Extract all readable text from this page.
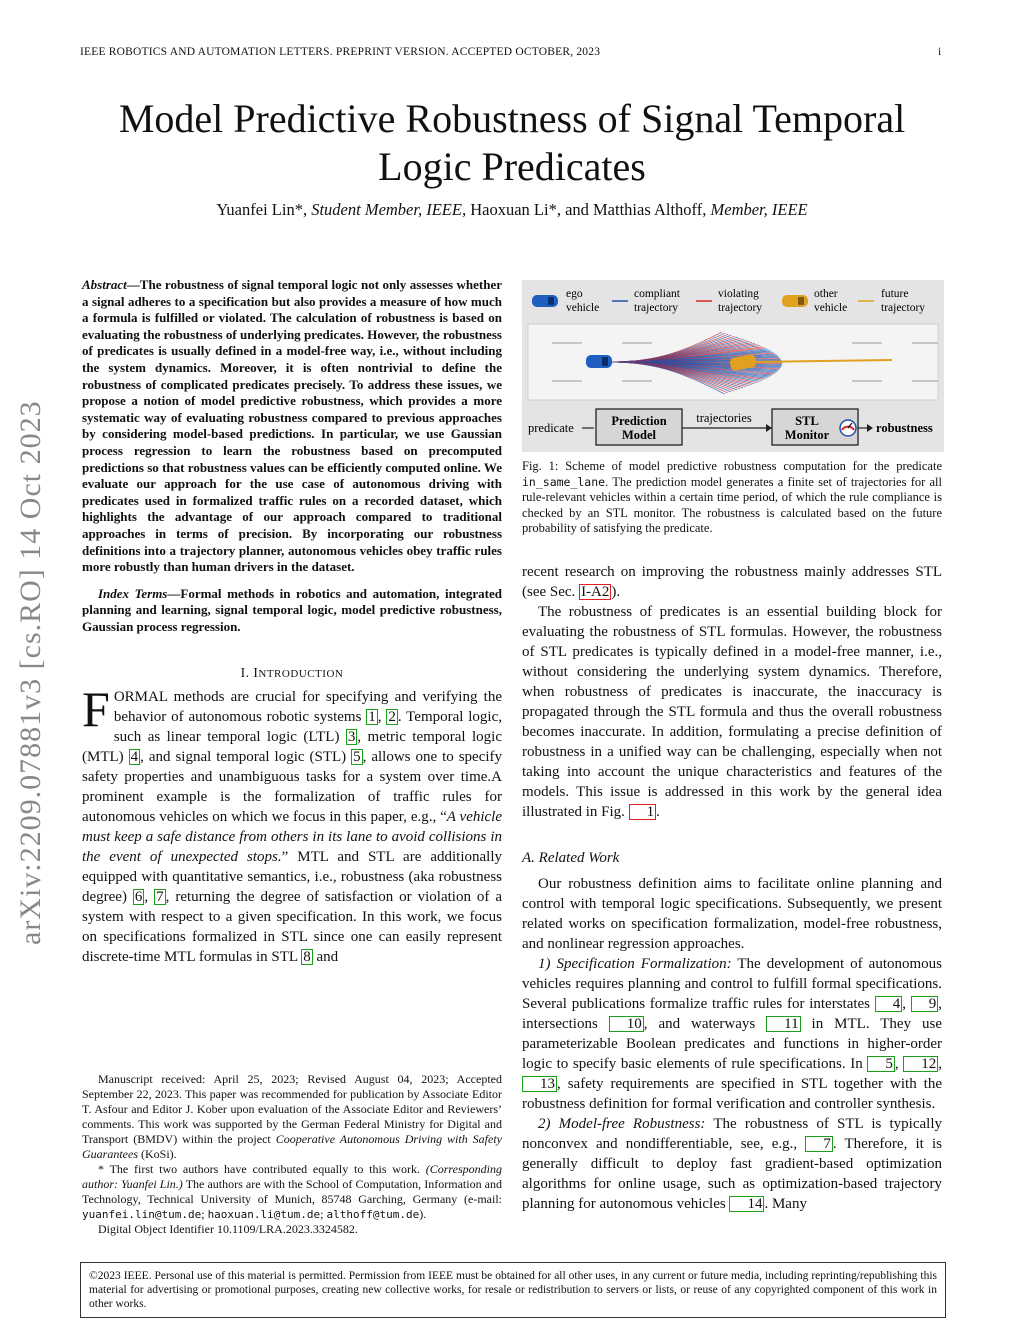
IEEE ROBOTICS AND AUTOMATION LETTERS. PREPRINT VERSION. ACCEPTED OCTOBER, 2023	i
Model Predictive Robustness of Signal Temporal Logic Predicates
Yuanfei Lin*, Student Member, IEEE, Haoxuan Li*, and Matthias Althoff, Member, IEEE
arXiv:2209.07881v3 [cs.RO] 14 Oct 2023
Abstract—The robustness of signal temporal logic not only assesses whether a signal adheres to a specification but also provides a measure of how much a formula is fulfilled or violated. The calculation of robustness is based on evaluating the robustness of underlying predicates. However, the robustness of predicates is usually defined in a model-free way, i.e., without including the system dynamics. Moreover, it is often nontrivial to define the robustness of complicated predicates precisely. To address these issues, we propose a notion of model predictive robustness, which provides a more systematic way of evaluating robustness compared to previous approaches by considering model-based predictions. In particular, we use Gaussian process regression to learn the robustness based on precomputed predictions so that robustness values can be efficiently computed online. We evaluate our approach for the use case of autonomous driving with predicates used in formalized traffic rules on a recorded dataset, which highlights the advantage of our approach compared to traditional approaches in terms of precision. By incorporating our robustness definitions into a trajectory planner, autonomous vehicles obey traffic rules more robustly than human drivers in the dataset.
Index Terms—Formal methods in robotics and automation, integrated planning and learning, signal temporal logic, model predictive robustness, Gaussian process regression.
I. INTRODUCTION
FORMAL methods are crucial for specifying and verifying the behavior of autonomous robotic systems 1 , 2 . Temporal logic, such as linear temporal logic (LTL) 3 , metric temporal logic (MTL) 4 , and signal temporal logic (STL) 5 , allows one to specify safety properties and unambiguous tasks for a system over time.A prominent example is the formalization of traffic rules for autonomous vehicles on which we focus in this paper, e.g., “A vehicle must keep a safe distance from others in its lane to avoid collisions in the event of unexpected stops.” MTL and STL are additionally equipped with quantitative semantics, i.e., robustness (aka robustness degree) 6 , 7 , returning the degree of satisfaction or violation of a system with respect to a given specification. In this work, we focus on specifications formalized in STL since one can easily represent discrete-time MTL formulas in STL 8 and

Manuscript received: April 25, 2023; Revised August 04, 2023; Accepted September 22, 2023. This paper was recommended for publication by Associate Editor T. Asfour and Editor J. Kober upon evaluation of the Associate Editor and Reviewers’ comments. This work was supported by the German Federal Ministry for Digital and Transport (BMDV) within the project Cooperative Autonomous Driving with Safety Guarantees (KoSi).

* The first two authors have contributed equally to this work. (Corresponding author: Yuanfei Lin.) The authors are with the School of Computation, Information and Technology, Technical University of Munich, 85748 Garching, Germany (e-mail: yuanfei.lin@tum.de; haoxuan.li@tum.de; althoff@tum.de).

Digital Object Identifier 10.1109/LRA.2023.3324582.

ego
vehicle
compliant
trajectory
violating
trajectory
other
vehicle
future
trajectory
predicate	Prediction
Model
trajectories	STL
Monitor	robustness
Fig. 1: Scheme of model predictive robustness computation for the predicate in_same_lane. The prediction model generates a finite set of trajectories for all rule-relevant vehicles within a certain time period, of which the rule compliance is checked by an STL monitor. The robustness is calculated based on the future probability of satisfying the predicate.

recent research on improving the robustness mainly addresses STL (see Sec. I-A2 ).

The robustness of predicates is an essential building block for evaluating the robustness of STL formulas. However, the robustness of STL predicates is typically defined in a model-free manner, i.e., without considering the underlying system dynamics. Therefore, when robustness of predicates is inaccurate, the inaccuracy is propagated through the STL formula and thus the overall robustness becomes inaccurate. In addition, formulating a precise definition of robustness in a unified way can be challenging, especially when not taking into account the unique characteristics and features of the models. This issue is addressed in this work by the general idea illustrated in Fig. 1 .

A. Related Work

Our robustness definition aims to facilitate online planning and control with temporal logic specifications. Subsequently, we present related works on specification formalization, model-free robustness, and nonlinear regression approaches.

1) Specification Formalization: The development of autonomous vehicles requires planning and control to fulfill formal specifications. Several publications formalize traffic rules for interstates 4 , 9 , intersections 10 , and waterways 11 in MTL. They use parameterizable Boolean predicates and functions in higher-order logic to specify basic elements of rule specifications. In 5 , 12 , 13 , safety requirements are specified in STL together with the robustness definition for formal verification and controller synthesis.

2) Model-free Robustness: The robustness of STL is typically nonconvex and nondifferentiable, see, e.g., 7 . Therefore, it is generally difficult to deploy fast gradient-based optimization algorithms for online usage, such as optimization-based trajectory planning for autonomous vehicles 14 . Many

©2023 IEEE. Personal use of this material is permitted. Permission from IEEE must be obtained for all other uses, in any current or future media, including reprinting/republishing this material for advertising or promotional purposes, creating new collective works, for resale or redistribution to servers or lists, or reuse of any copyrighted component of this work in other works.
